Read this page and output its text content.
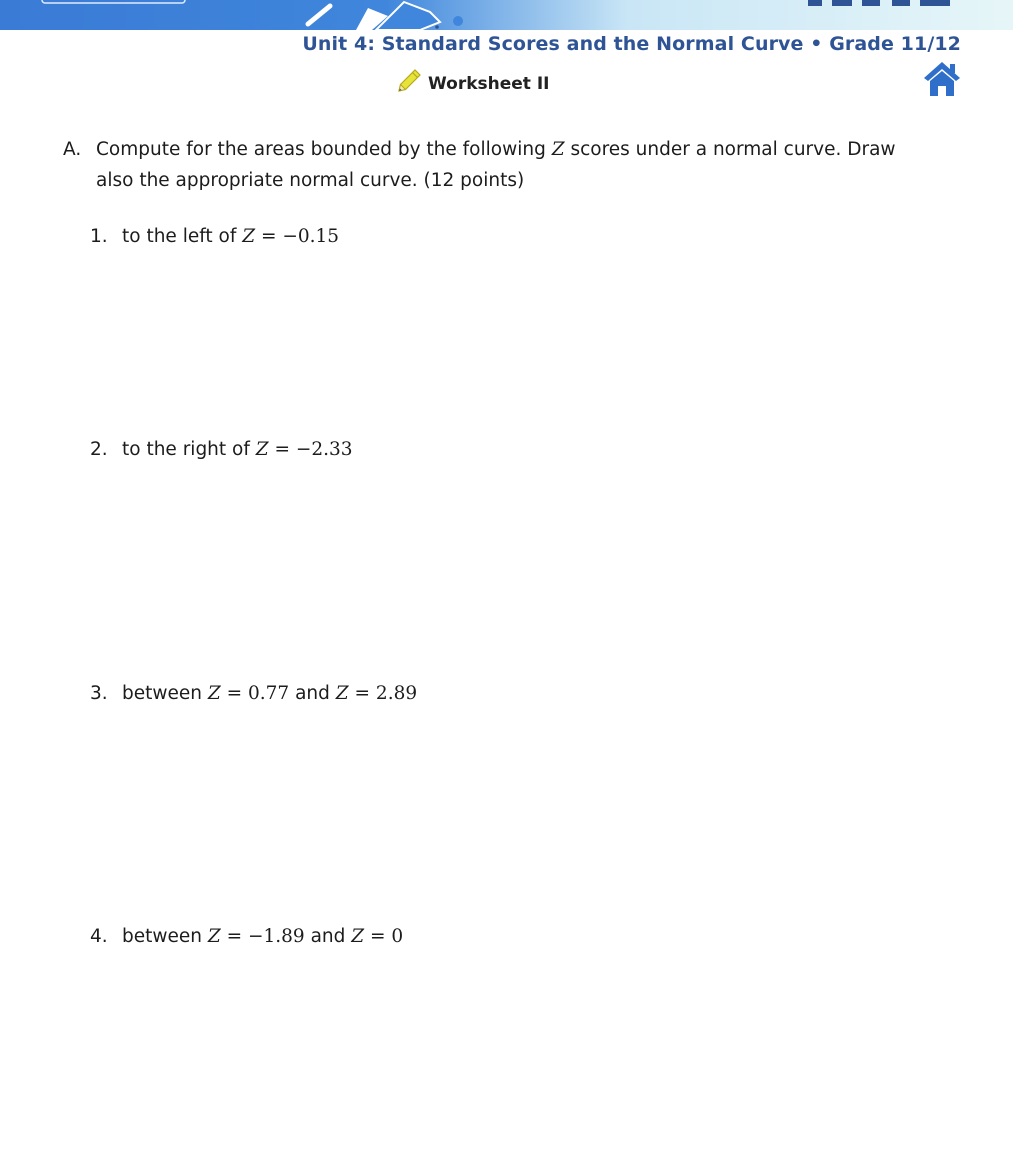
Unit 4: Standard Scores and the Normal Curve • Grade 11/12
Worksheet II
A. Compute for the areas bounded by the following Z scores under a normal curve. Draw also the appropriate normal curve. (12 points)
1. to the left of Z = −0.15
2. to the right of Z = −2.33
3. between Z = 0.77 and Z = 2.89
4. between Z = −1.89 and Z = 0
